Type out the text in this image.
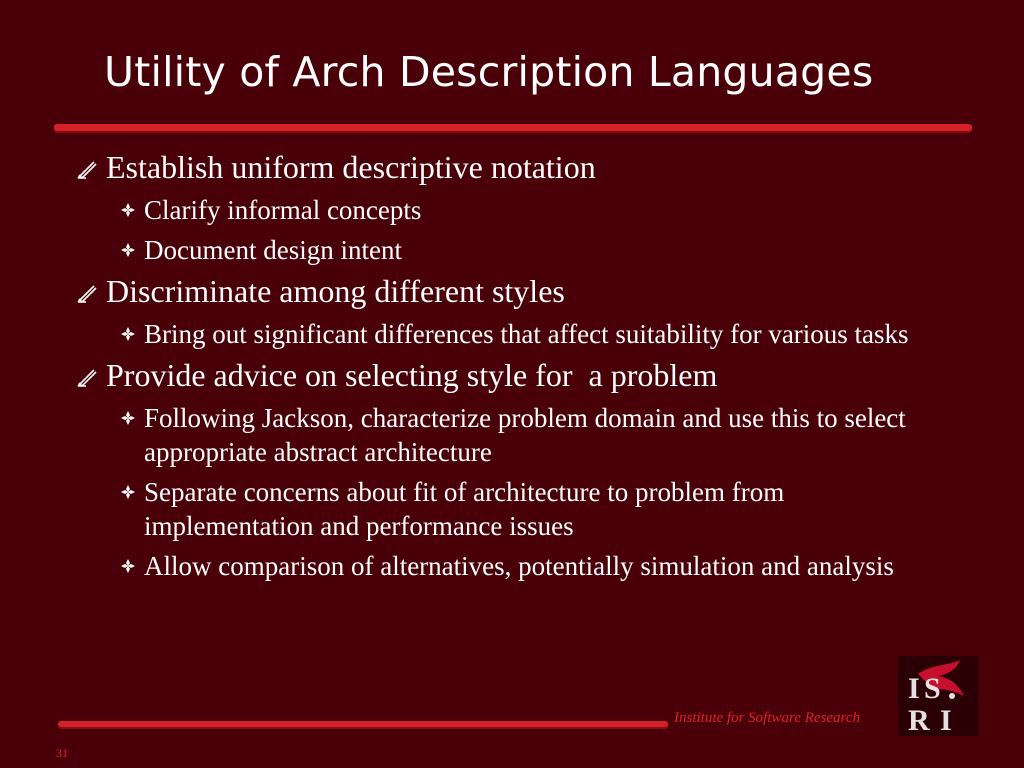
Utility of Arch Description Languages
Establish uniform descriptive notation
Clarify informal concepts
Document design intent
Discriminate among different styles
Bring out significant differences that affect suitability for various tasks
Provide advice on selecting style for  a problem
Following Jackson, characterize problem domain and use this to select appropriate abstract architecture
Separate concerns about fit of architecture to problem from implementation and performance issues
Allow comparison of alternatives, potentially simulation and analysis
Institute for Software Research
I S
R I
31
